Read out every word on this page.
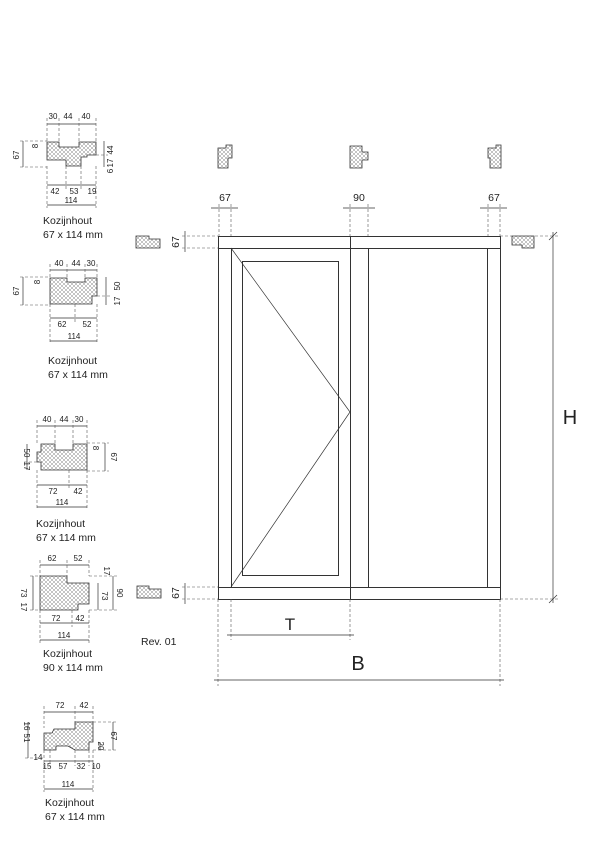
30 44 40
67
8	44
17
6
42 53 19
114
Kozijnhout
67 x 114 mm
40 44 30
67
8	50
17
62 52
114
Kozijnhout
67 x 114 mm
40 44 30
50
17
8
67
72 42
114
Kozijnhout
67 x 114 mm
62 52
73
17
17
73 90
72 42
114
Kozijnhout
90 x 114 mm
72 42
51
16
14
20
67
15 57 32 10
114
Kozijnhout
67 x 114 mm
67	90	67
67
67
H
T
B
Rev. 01
